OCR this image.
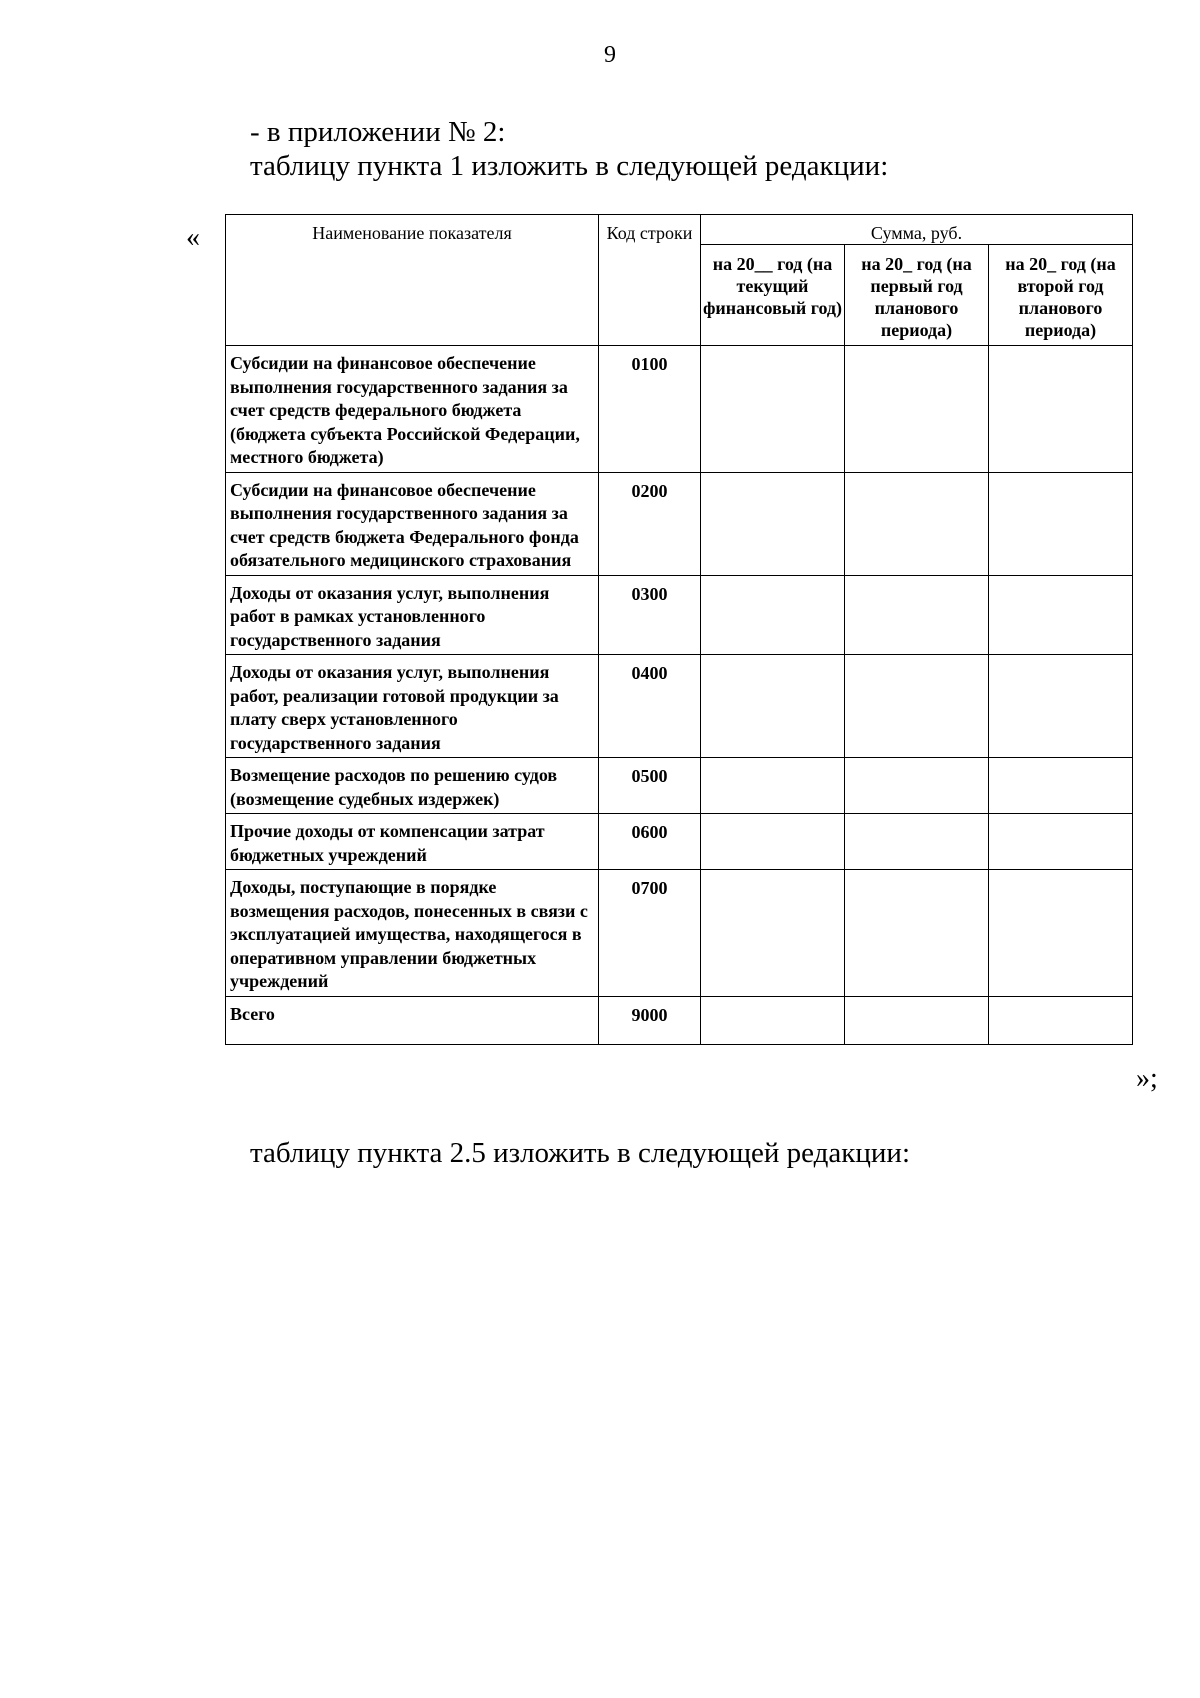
9
- в приложении № 2:
таблицу пункта 1 изложить в следующей редакции:
«	Наименование показателя	Код строки	Сумма, руб.		
		на 20__ год (на текущий финансовый год)	на 20_ год (на первый год планового периода)	на 20_ год (на второй год планового периода)
Субсидии на финансовое обеспечение выполнения государственного задания за счет средств федерального бюджета (бюджета субъекта Российской Федерации, местного бюджета)	0100			
Субсидии на финансовое обеспечение выполнения государственного задания за счет средств бюджета Федерального фонда обязательного медицинского страхования	0200			
Доходы от оказания услуг, выполнения работ в рамках установленного государственного задания	0300			
Доходы от оказания услуг, выполнения работ, реализации готовой продукции за плату сверх установленного государственного задания	0400			
Возмещение расходов по решению судов (возмещение судебных издержек)	0500			
Прочие доходы от компенсации затрат бюджетных учреждений	0600			
Доходы, поступающие в порядке возмещения расходов, понесенных в связи с эксплуатацией имущества, находящегося в оперативном управлении бюджетных учреждений	0700			
Всего	9000			
»;
таблицу пункта 2.5 изложить в следующей редакции:
